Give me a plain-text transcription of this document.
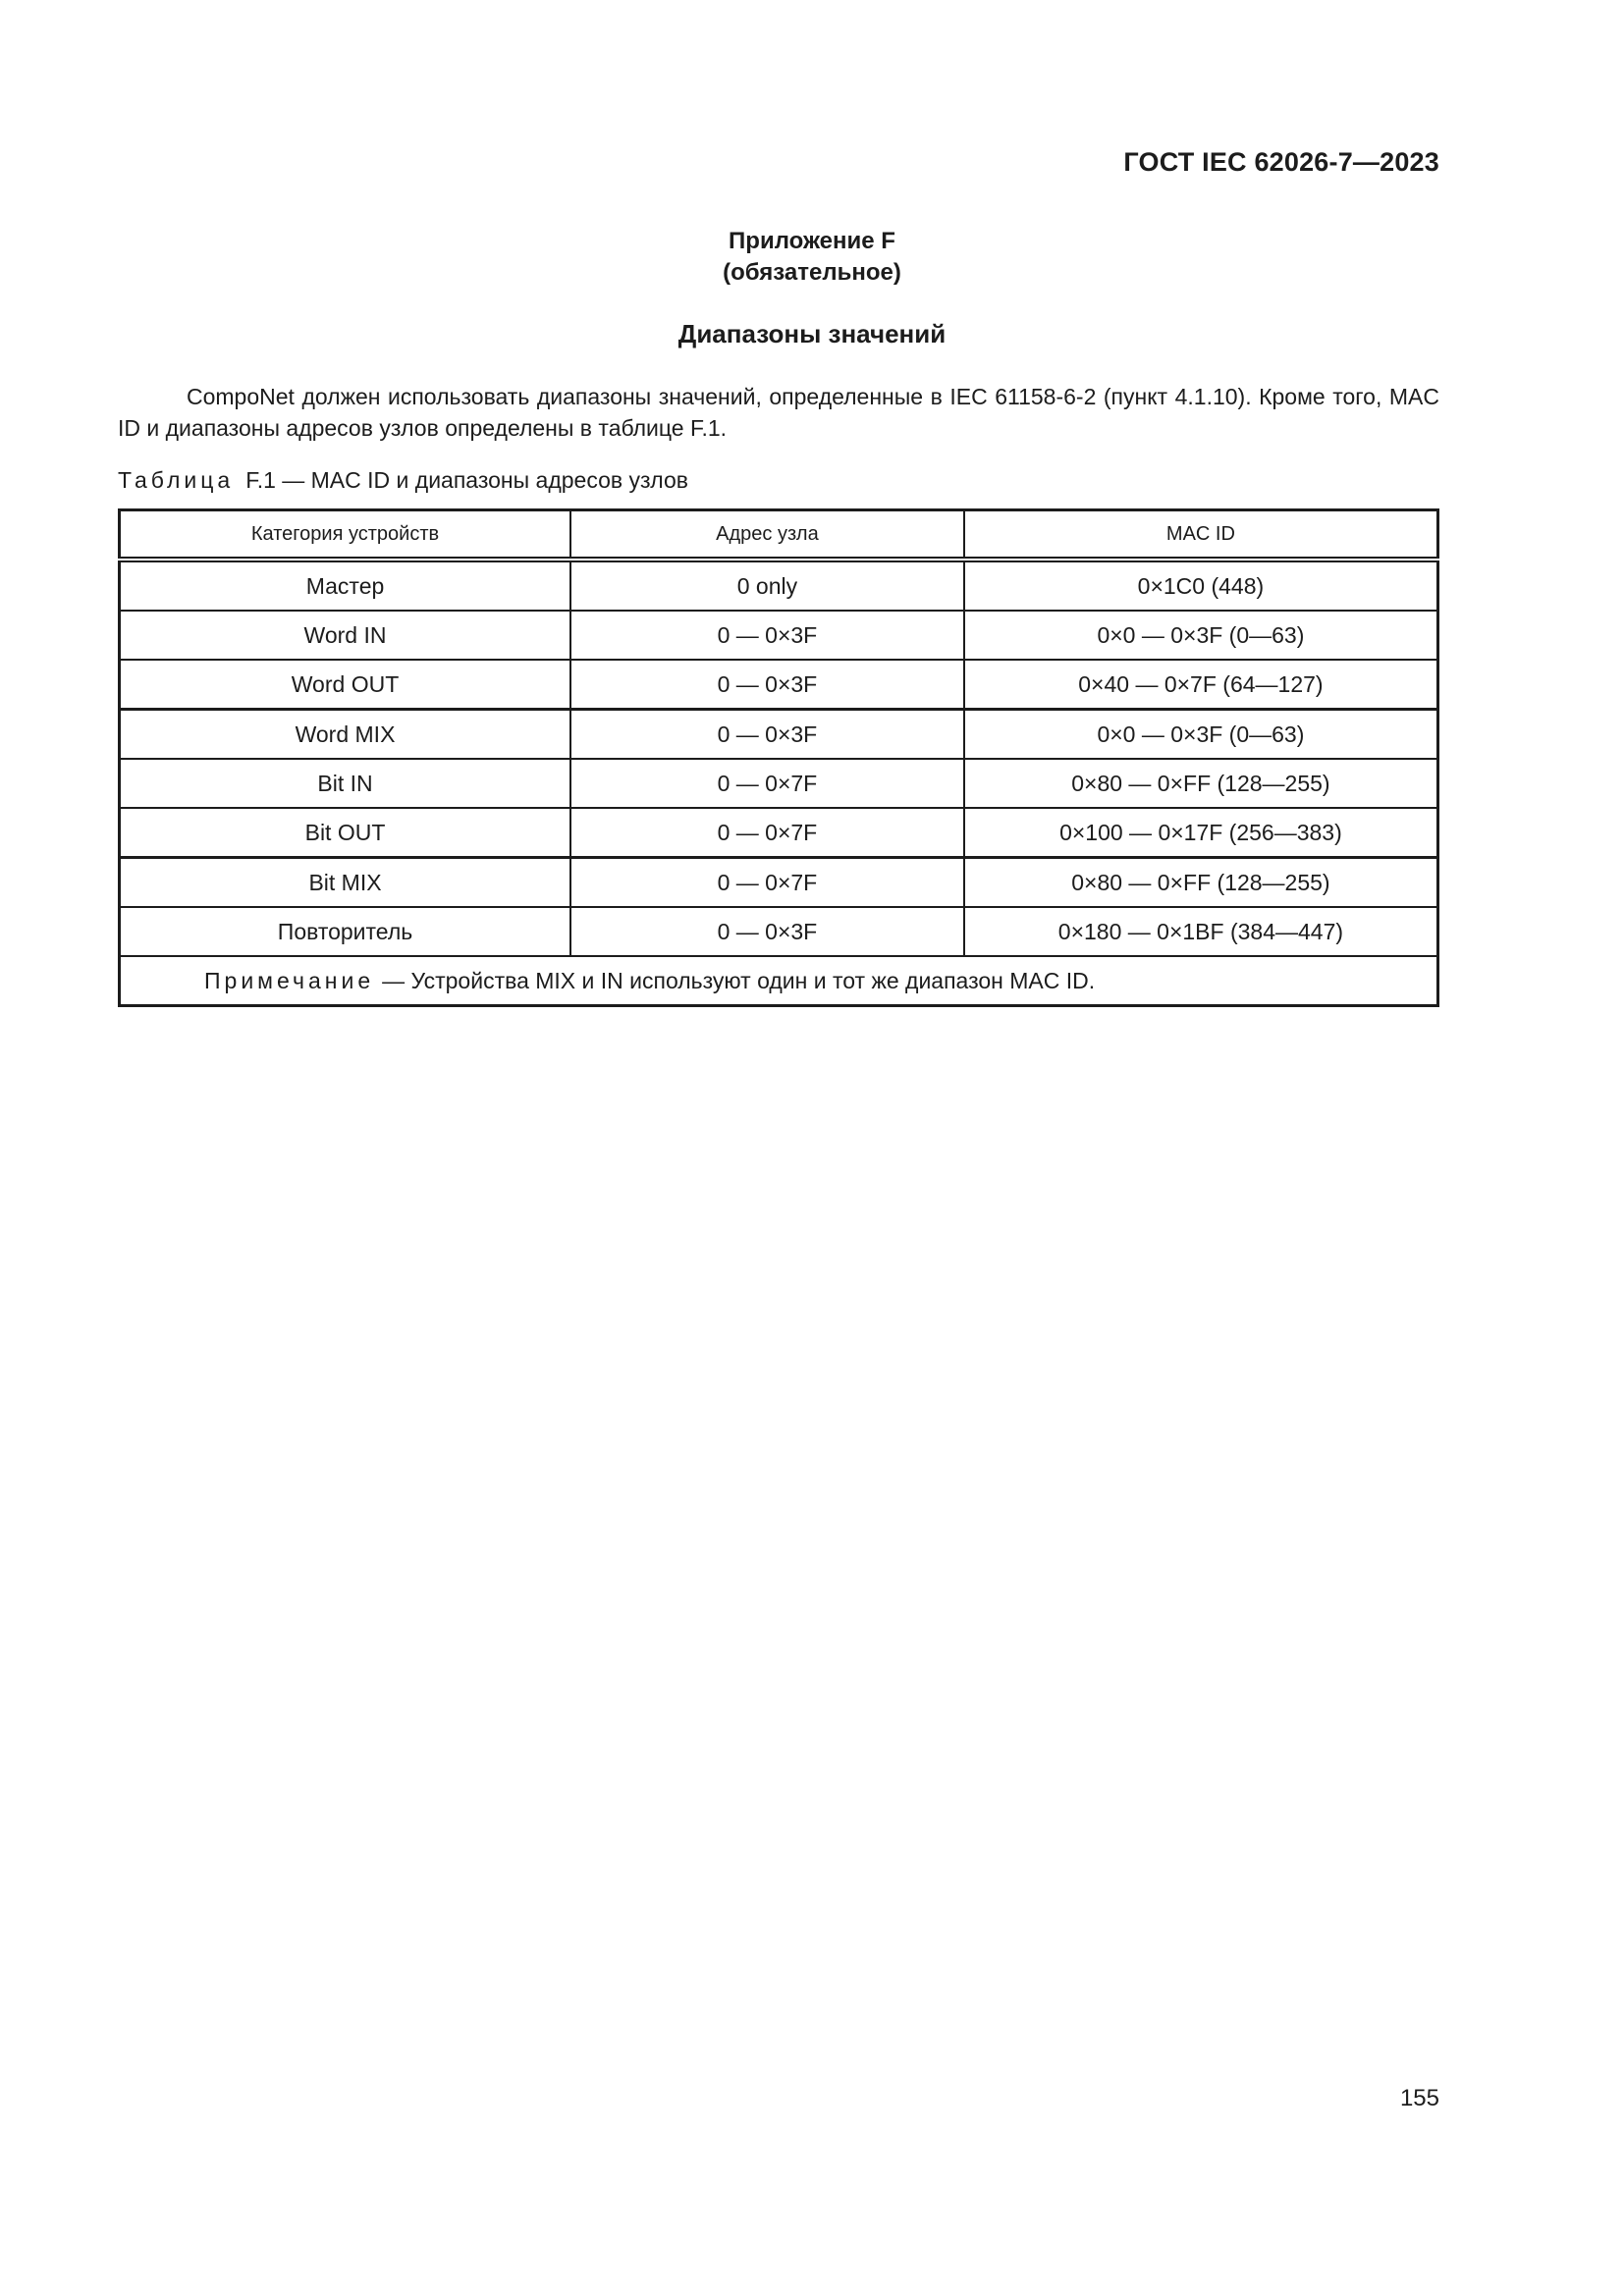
ГОСТ IEC 62026-7—2023
Приложение F
(обязательное)
Диапазоны значений
CompoNet должен использовать диапазоны значений, определенные в IEC 61158-6-2 (пункт 4.1.10). Кроме того, MAC ID и диапазоны адресов узлов определены в таблице F.1.
Таблица F.1 — MAC ID и диапазоны адресов узлов
Категория устройств	Адрес узла	MAC ID
Мастер	0 only	0×1C0 (448)
Word IN	0 — 0×3F	0×0 — 0×3F (0—63)
Word OUT	0 — 0×3F	0×40 — 0×7F (64—127)
Word MIX	0 — 0×3F	0×0 — 0×3F (0—63)
Bit IN	0 — 0×7F	0×80 — 0×FF (128—255)
Bit OUT	0 — 0×7F	0×100 — 0×17F (256—383)
Bit MIX	0 — 0×7F	0×80 — 0×FF (128—255)
Повторитель	0 — 0×3F	0×180 — 0×1BF (384—447)
Примечание — Устройства MIX и IN используют один и тот же диапазон MAC ID.		
155
